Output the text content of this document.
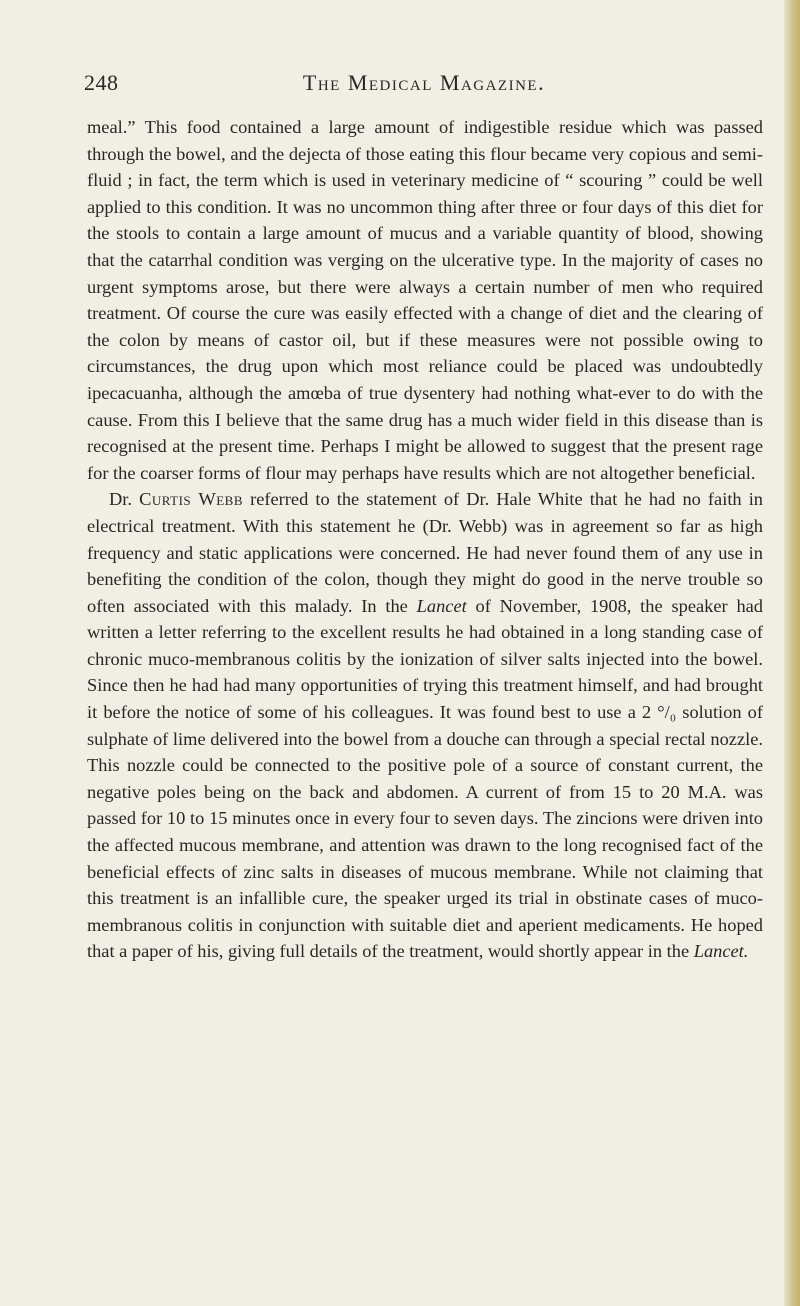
248	The Medical Magazine.

meal.” This food contained a large amount of indigestible residue which was passed through the bowel, and the dejecta of those eating this flour became very copious and semi-fluid ; in fact, the term which is used in veterinary medicine of “ scouring ” could be well applied to this condition. It was no uncommon thing after three or four days of this diet for the stools to contain a large amount of mucus and a variable quantity of blood, showing that the catarrhal condition was verging on the ulcerative type. In the majority of cases no urgent symptoms arose, but there were always a certain number of men who required treatment. Of course the cure was easily effected with a change of diet and the clearing of the colon by means of castor oil, but if these measures were not possible owing to circumstances, the drug upon which most reliance could be placed was undoubtedly ipecacuanha, although the amœba of true dysentery had nothing what-ever to do with the cause. From this I believe that the same drug has a much wider field in this disease than is recognised at the present time. Perhaps I might be allowed to suggest that the present rage for the coarser forms of flour may perhaps have results which are not altogether beneficial.

Dr. Curtis Webb referred to the statement of Dr. Hale White that he had no faith in electrical treatment. With this statement he (Dr. Webb) was in agreement so far as high frequency and static applications were concerned. He had never found them of any use in benefiting the condition of the colon, though they might do good in the nerve trouble so often associated with this malady. In the Lancet of November, 1908, the speaker had written a letter referring to the excellent results he had obtained in a long standing case of chronic muco-membranous colitis by the ionization of silver salts injected into the bowel. Since then he had had many opportunities of trying this treatment himself, and had brought it before the notice of some of his colleagues. It was found best to use a 2 °/₀ solution of sulphate of lime delivered into the bowel from a douche can through a special rectal nozzle. This nozzle could be connected to the positive pole of a source of constant current, the negative poles being on the back and abdomen. A current of from 15 to 20 M.A. was passed for 10 to 15 minutes once in every four to seven days. The zincions were driven into the affected mucous membrane, and attention was drawn to the long recognised fact of the beneficial effects of zinc salts in diseases of mucous membrane. While not claiming that this treatment is an infallible cure, the speaker urged its trial in obstinate cases of muco-membranous colitis in conjunction with suitable diet and aperient medicaments. He hoped that a paper of his, giving full details of the treatment, would shortly appear in the Lancet.
